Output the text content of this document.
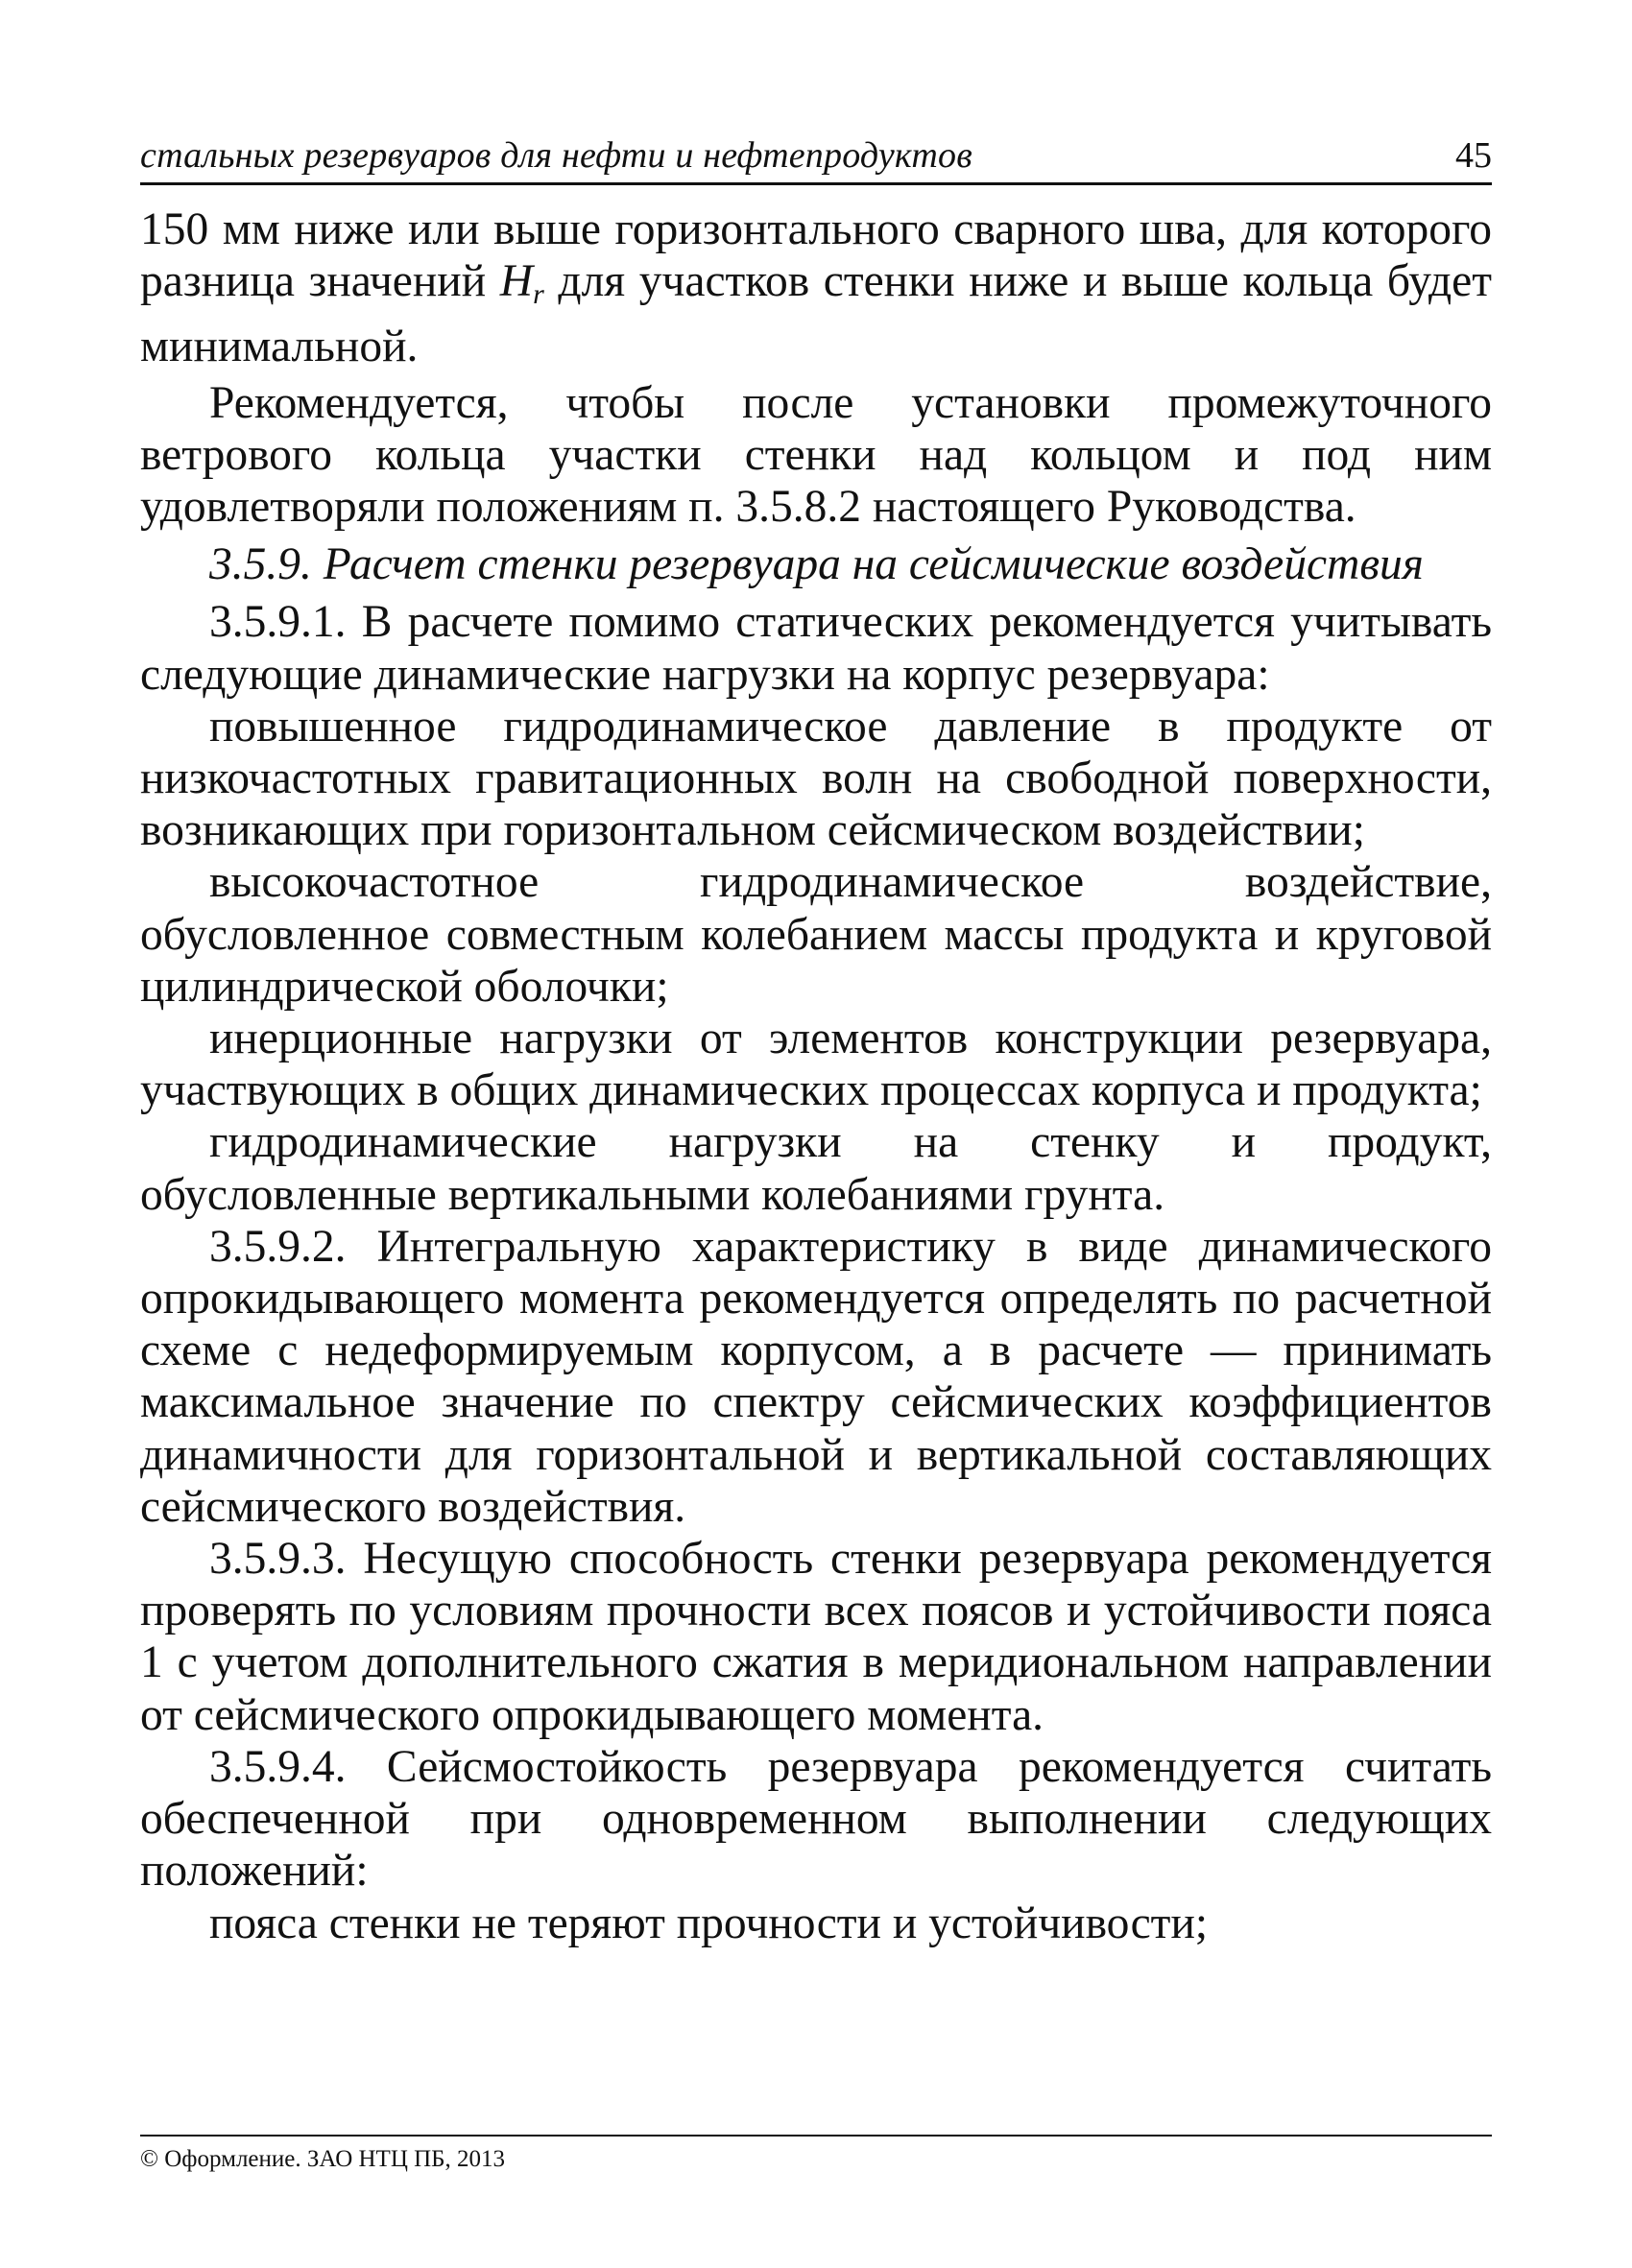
стальных резервуаров для нефти и нефтепродуктов	45

150 мм ниже или выше горизонтального сварного шва, для которого разница значений $H_r$ для участков стенки ниже и выше кольца будет минимальной.

Рекомендуется, чтобы после установки промежуточного ветрового кольца участки стенки над кольцом и под ним удовлетворяли положениям п. 3.5.8.2 настоящего Руководства.

3.5.9. Расчет стенки резервуара на сейсмические воздействия

3.5.9.1. В расчете помимо статических рекомендуется учитывать следующие динамические нагрузки на корпус резервуара:

повышенное гидродинамическое давление в продукте от низкочастотных гравитационных волн на свободной поверхности, возникающих при горизонтальном сейсмическом воздействии;

высокочастотное гидродинамическое воздействие, обусловленное совместным колебанием массы продукта и круговой цилиндрической оболочки;

инерционные нагрузки от элементов конструкции резервуара, участвующих в общих динамических процессах корпуса и продукта;

гидродинамические нагрузки на стенку и продукт, обусловленные вертикальными колебаниями грунта.

3.5.9.2. Интегральную характеристику в виде динамического опрокидывающего момента рекомендуется определять по расчетной схеме с недеформируемым корпусом, а в расчете — принимать максимальное значение по спектру сейсмических коэффициентов динамичности для горизонтальной и вертикальной составляющих сейсмического воздействия.

3.5.9.3. Несущую способность стенки резервуара рекомендуется проверять по условиям прочности всех поясов и устойчивости пояса 1 с учетом дополнительного сжатия в меридиональном направлении от сейсмического опрокидывающего момента.

3.5.9.4. Сейсмостойкость резервуара рекомендуется считать обеспеченной при одновременном выполнении следующих положений:

пояса стенки не теряют прочности и устойчивости;

© Оформление. ЗАО НТЦ ПБ, 2013
